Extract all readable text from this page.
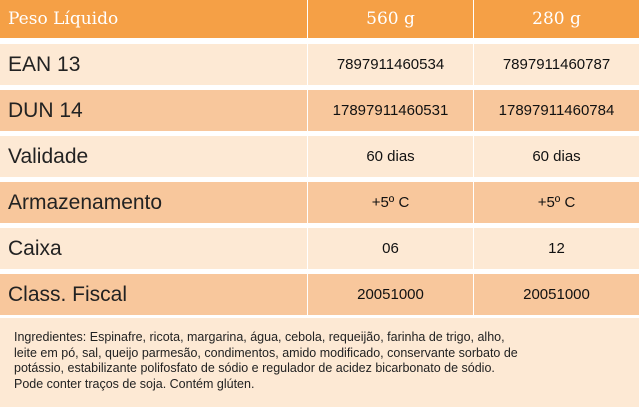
Peso Líquido	560 g	280 g
EAN 13	7897911460534	7897911460787
DUN 14	17897911460531	17897911460784
Validade	60 dias	60 dias
Armazenamento	+5º C	+5º C
Caixa	06	12
Class. Fiscal	20051000	20051000
Ingredientes: Espinafre, ricota, margarina, água, cebola, requeijão, farinha de trigo, alho,
leite em pó, sal, queijo parmesão, condimentos, amido modificado, conservante sorbato de
potássio, estabilizante polifosfato de sódio e regulador de acidez bicarbonato de sódio.
Pode conter traços de soja. Contém glúten.
